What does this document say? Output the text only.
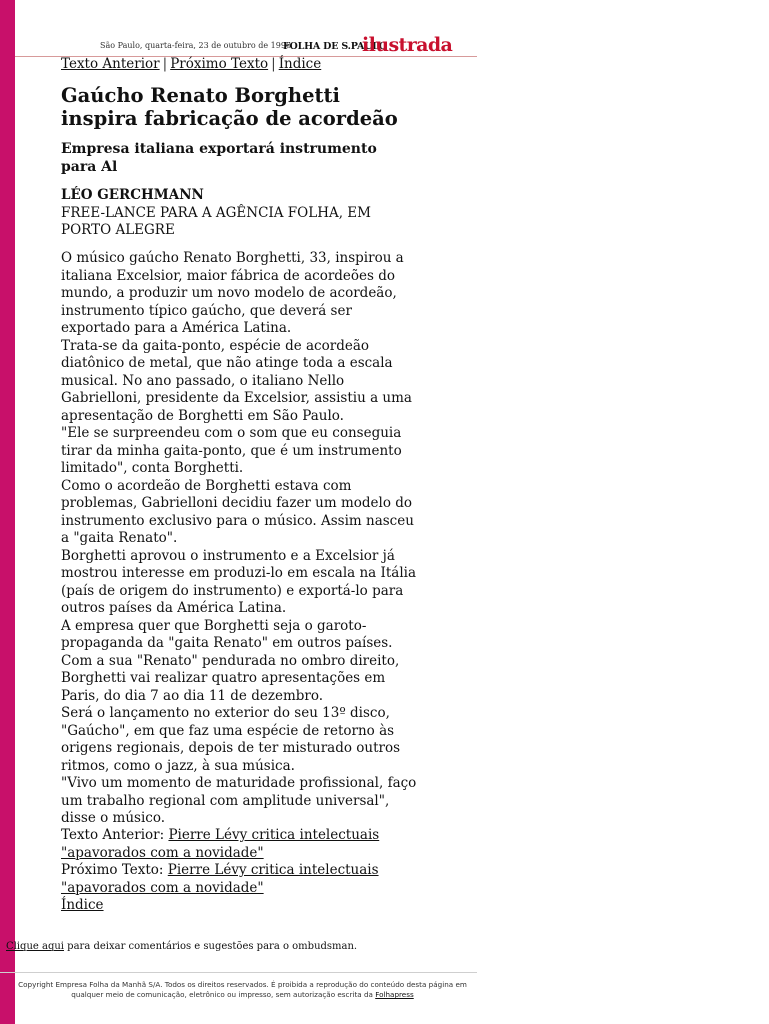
São Paulo, quarta-feira, 23 de outubro de 1996
FOLHA DE S.PAULO
ilustrada
Texto Anterior | Próximo Texto | Índice
Gaúcho Renato Borghetti inspira fabricação de acordeão
Empresa italiana exportará instrumento para Al
LÉO GERCHMANN
FREE-LANCE PARA A AGÊNCIA FOLHA, EM PORTO ALEGRE

O músico gaúcho Renato Borghetti, 33, inspirou a italiana Excelsior, maior fábrica de acordeões do mundo, a produzir um novo modelo de acordeão, instrumento típico gaúcho, que deverá ser exportado para a América Latina.

Trata-se da gaita-ponto, espécie de acordeão diatônico de metal, que não atinge toda a escala musical. No ano passado, o italiano Nello Gabrielloni, presidente da Excelsior, assistiu a uma apresentação de Borghetti em São Paulo.

"Ele se surpreendeu com o som que eu conseguia tirar da minha gaita-ponto, que é um instrumento limitado", conta Borghetti.

Como o acordeão de Borghetti estava com problemas, Gabrielloni decidiu fazer um modelo do instrumento exclusivo para o músico. Assim nasceu a "gaita Renato".

Borghetti aprovou o instrumento e a Excelsior já mostrou interesse em produzi-lo em escala na Itália (país de origem do instrumento) e exportá-lo para outros países da América Latina.

A empresa quer que Borghetti seja o garoto-propaganda da "gaita Renato" em outros países.

Com a sua "Renato" pendurada no ombro direito, Borghetti vai realizar quatro apresentações em Paris, do dia 7 ao dia 11 de dezembro.

Será o lançamento no exterior do seu 13º disco, "Gaúcho", em que faz uma espécie de retorno às origens regionais, depois de ter misturado outros ritmos, como o jazz, à sua música.

"Vivo um momento de maturidade profissional, faço um trabalho regional com amplitude universal", disse o músico.

Texto Anterior: Pierre Lévy critica intelectuais "apavorados com a novidade"
Próximo Texto: Pierre Lévy critica intelectuais "apavorados com a novidade"
Índice
Clique aqui para deixar comentários e sugestões para o ombudsman.
Copyright Empresa Folha da Manhã S/A. Todos os direitos reservados. É proibida a reprodução do conteúdo desta página em qualquer meio de comunicação, eletrônico ou impresso, sem autorização escrita da Folhapress
